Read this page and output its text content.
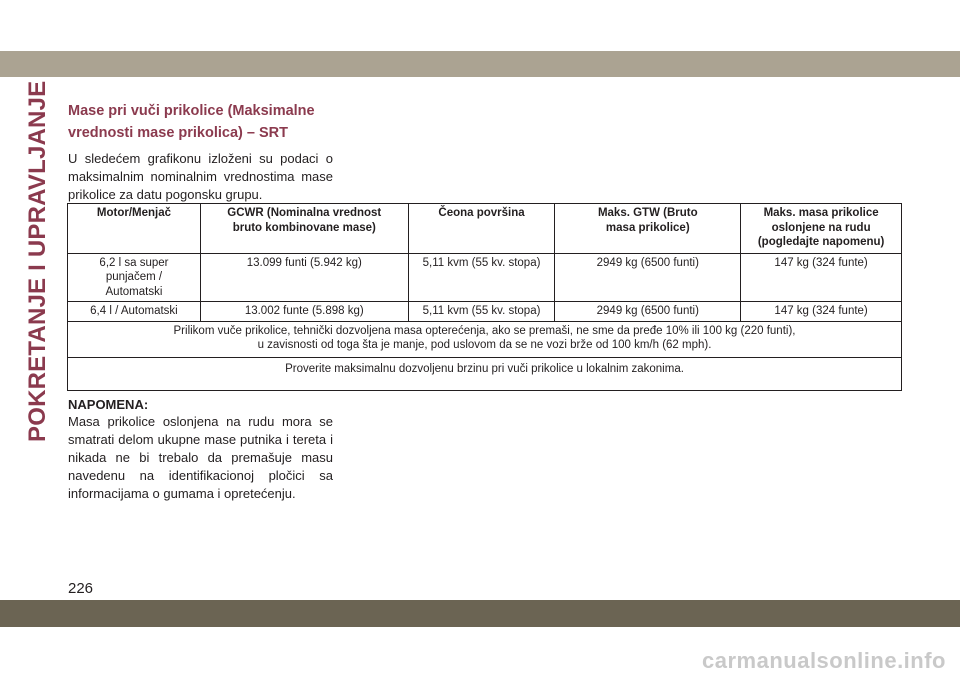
POKRETANJE I UPRAVLJANJE Mase pri vuči prikolice (Maksimalne vrednosti mase prikolica) – SRT
U sledećem grafikonu izloženi su podaci o maksimalnim nominalnim vrednostima mase prikolice za datu pogonsku grupu.
Motor/Menjač	GCWR (Nominalna vrednost bruto kombinovane mase)	Čeona površina	Maks. GTW (Bruto masa prikolice)	Maks. masa prikolice oslonjene na rudu (pogledajte napomenu)
6,2 l sa super punjačem / Automatski	13.099 funti (5.942 kg)	5,11 kvm (55 kv. stopa)	2949 kg (6500 funti)	147 kg (324 funte)
6,4 l / Automatski	13.002 funte (5.898 kg)	5,11 kvm (55 kv. stopa)	2949 kg (6500 funti)	147 kg (324 funte)

Prilikom vuče prikolice, tehnički dozvoljena masa opterećenja, ako se premaši, ne sme da pređe 10% ili 100 kg (220 funti),
u zavisnosti od toga šta je manje, pod uslovom da se ne vozi brže od 100 km/h (62 mph).				

Proverite maksimalnu dozvoljenu brzinu pri vuči prikolice u lokalnim zakonima.				
NAPOMENA:
Masa prikolice oslonjena na rudu mora se smatrati delom ukupne mase putnika i tereta i nikada ne bi trebalo da premašuje masu navedenu na identifikacionoj pločici sa informacijama o gumama i opretećenju.
226
carmanualsonline.info
